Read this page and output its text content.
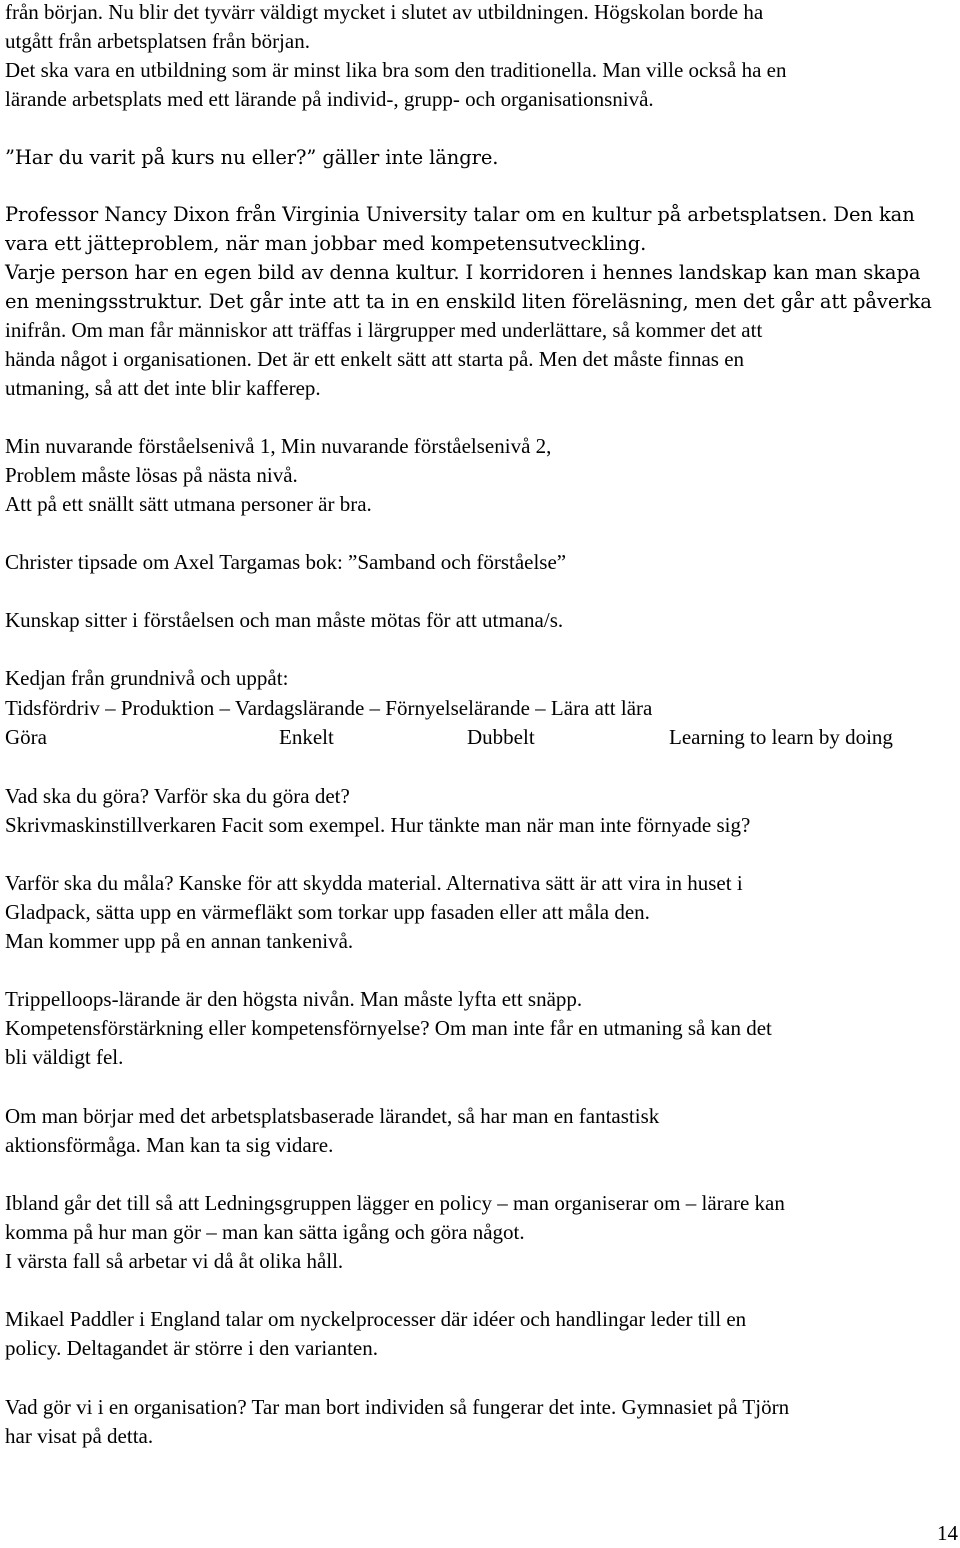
från början. Nu blir det tyvärr väldigt mycket i slutet av utbildningen. Högskolan borde ha
utgått från arbetsplatsen från början.
Det ska vara en utbildning som är minst lika bra som den traditionella. Man ville också ha en
lärande arbetsplats med ett lärande på individ-, grupp- och organisationsnivå.
”Har du varit på kurs nu eller?” gäller inte längre.
Professor Nancy Dixon från Virginia University talar om en kultur på arbetsplatsen. Den kan
vara ett jätteproblem, när man jobbar med kompetensutveckling.
Varje person har en egen bild av denna kultur. I korridoren i hennes landskap kan man skapa
en meningsstruktur. Det går inte att ta in en enskild liten föreläsning, men det går att påverka
inifrån. Om man får människor att träffas i lärgrupper med underlättare, så kommer det att
hända något i organisationen. Det är ett enkelt sätt att starta på. Men det måste finnas en
utmaning, så att det inte blir kafferep.
Min nuvarande förståelsenivå 1, Min nuvarande förståelsenivå 2,
Problem måste lösas på nästa nivå.
Att på ett snällt sätt utmana personer är bra.
Christer tipsade om Axel Targamas bok: ”Samband och förståelse”
Kunskap sitter i förståelsen och man måste mötas för att utmana/s.
Kedjan från grundnivå och uppåt:
Tidsfördriv – Produktion – Vardagslärande – Förnyelselärande – Lära att lära
Göra	Enkelt	Dubbelt	Learning to learn by doing
Vad ska du göra? Varför ska du göra det?
Skrivmaskinstillverkaren Facit som exempel. Hur tänkte man när man inte förnyade sig?
Varför ska du måla? Kanske för att skydda material. Alternativa sätt är att vira in huset i
Gladpack, sätta upp en värmefläkt som torkar upp fasaden eller att måla den.
Man kommer upp på en annan tankenivå.
Trippelloops-lärande är den högsta nivån. Man måste lyfta ett snäpp.
Kompetensförstärkning eller kompetensförnyelse? Om man inte får en utmaning så kan det
bli väldigt fel.
Om man börjar med det arbetsplatsbaserade lärandet, så har man en fantastisk
aktionsförmåga. Man kan ta sig vidare.
Ibland går det till så att Ledningsgruppen lägger en policy – man organiserar om – lärare kan
komma på hur man gör – man kan sätta igång och göra något.
I värsta fall så arbetar vi då åt olika håll.
Mikael Paddler i England talar om nyckelprocesser där idéer och handlingar leder till en
policy. Deltagandet är större i den varianten.
Vad gör vi i en organisation? Tar man bort individen så fungerar det inte. Gymnasiet på Tjörn
har visat på detta.
14
